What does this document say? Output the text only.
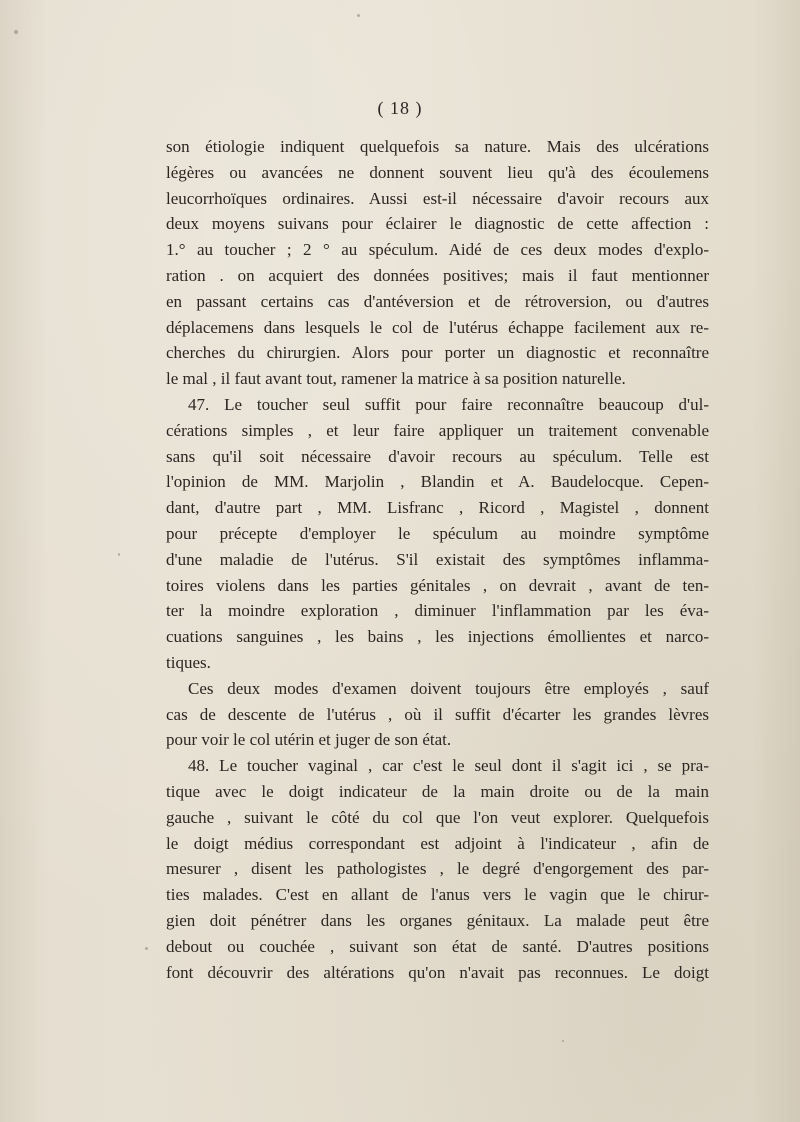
( 18 )
son étiologie indiquent quelquefois sa nature. Mais des ulcérations
légères ou avancées ne donnent souvent lieu qu'à des écoulemens
leucorrhoïques ordinaires. Aussi est-il nécessaire d'avoir recours aux
deux moyens suivans pour éclairer le diagnostic de cette affection :
1.° au toucher ; 2 ° au spéculum. Aidé de ces deux modes d'explo-
ration . on acquiert des données positives; mais il faut mentionner
en passant certains cas d'antéversion et de rétroversion, ou d'autres
déplacemens dans lesquels le col de l'utérus échappe facilement aux re-
cherches du chirurgien. Alors pour porter un diagnostic et reconnaître
le mal , il faut avant tout, ramener la matrice à sa position naturelle.
47. Le toucher seul suffit pour faire reconnaître beaucoup d'ul-
cérations simples , et leur faire appliquer un traitement convenable
sans qu'il soit nécessaire d'avoir recours au spéculum. Telle est
l'opinion de MM. Marjolin , Blandin et A. Baudelocque. Cepen-
dant, d'autre part , MM. Lisfranc , Ricord , Magistel , donnent
pour précepte d'employer le spéculum au moindre symptôme
d'une maladie de l'utérus. S'il existait des symptômes inflamma-
toires violens dans les parties génitales , on devrait , avant de ten-
ter la moindre exploration , diminuer l'inflammation par les éva-
cuations sanguines , les bains , les injections émollientes et narco-
tiques.
Ces deux modes d'examen doivent toujours être employés , sauf
cas de descente de l'utérus , où il suffit d'écarter les grandes lèvres
pour voir le col utérin et juger de son état.
48. Le toucher vaginal , car c'est le seul dont il s'agit ici , se pra-
tique avec le doigt indicateur de la main droite ou de la main
gauche , suivant le côté du col que l'on veut explorer. Quelquefois
le doigt médius correspondant est adjoint à l'indicateur , afin de
mesurer , disent les pathologistes , le degré d'engorgement des par-
ties malades. C'est en allant de l'anus vers le vagin que le chirur-
gien doit pénétrer dans les organes génitaux. La malade peut être
debout ou couchée , suivant son état de santé. D'autres positions
font découvrir des altérations qu'on n'avait pas reconnues. Le doigt
